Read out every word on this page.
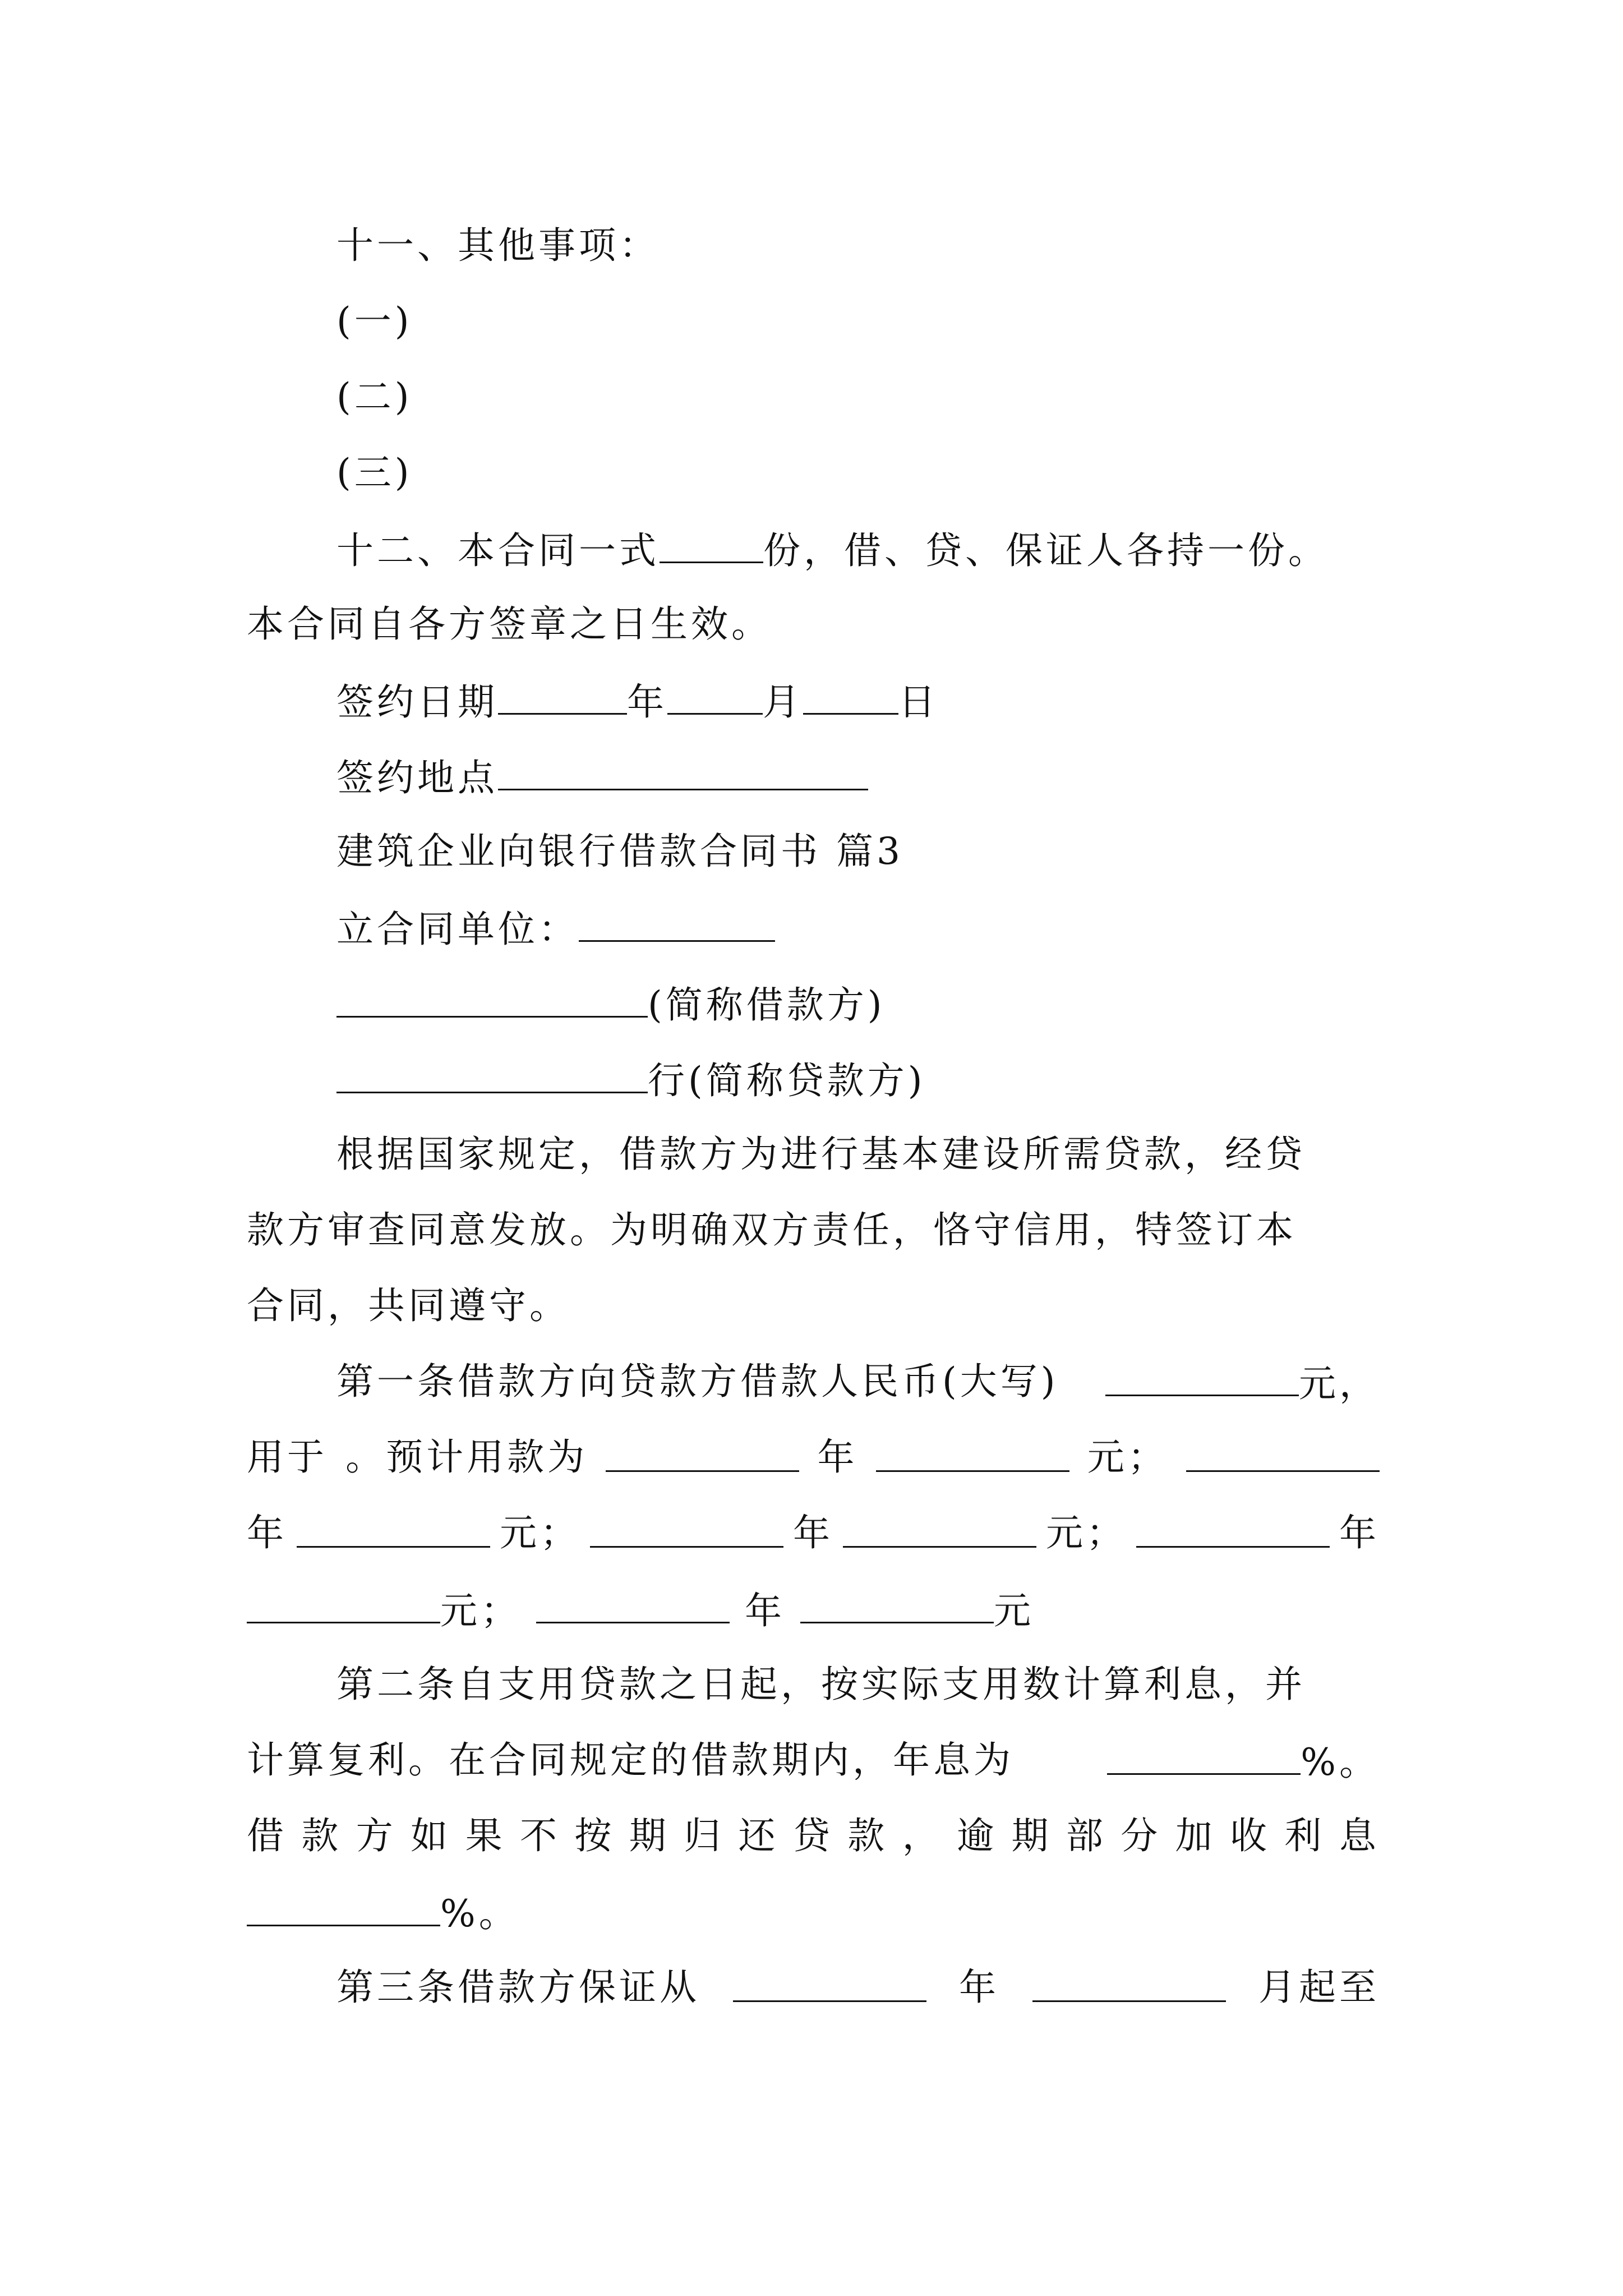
十一、其他事项：
(一)
(二)
(三)
十二、本合同一式	份，借、贷、保证人各持一份。
本合同自各方签章之日生效。
签约日期	年	月	日
签约地点
建筑企业向银行借款合同书 篇3
立合同单位：
(简称借款方)
行(简称贷款方)
根据国家规定，借款方为进行基本建设所需贷款，经贷
款方审查同意发放。为明确双方责任，恪守信用，特签订本
合同，共同遵守。
第一条借款方向贷款方借款人民币(大写)	元，
用于 。预计用款为	年	元；
年	元；	年	元；	年
元；	年	元
第二条自支用贷款之日起，按实际支用数计算利息，并
计算复利。在合同规定的借款期内，年息为	%。
借 款 方 如 果 不 按 期 归 还 贷 款 ， 逾 期 部 分 加 收 利 息
%。
第三条借款方保证从	年	月起至
